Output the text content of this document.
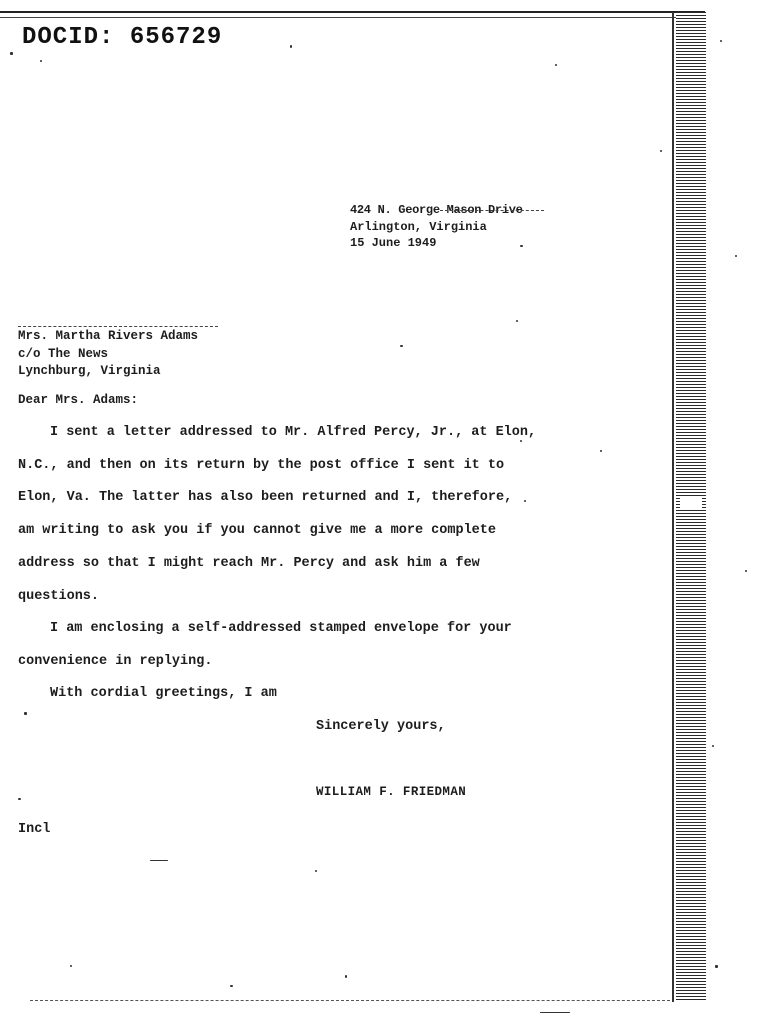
DOCID: 656729
424 N. George Mason Drive
Arlington, Virginia
15 June 1949
Mrs. Martha Rivers Adams
c/o The News
Lynchburg, Virginia
Dear Mrs. Adams:
I sent a letter addressed to Mr. Alfred Percy, Jr., at Elon,
N.C., and then on its return by the post office I sent it to
Elon, Va. The latter has also been returned and I, therefore,
am writing to ask you if you cannot give me a more complete
address so that I might reach Mr. Percy and ask him a few
questions.
I am enclosing a self-addressed stamped envelope for your
convenience in replying.
With cordial greetings, I am
Sincerely yours,
WILLIAM F. FRIEDMAN
Incl
